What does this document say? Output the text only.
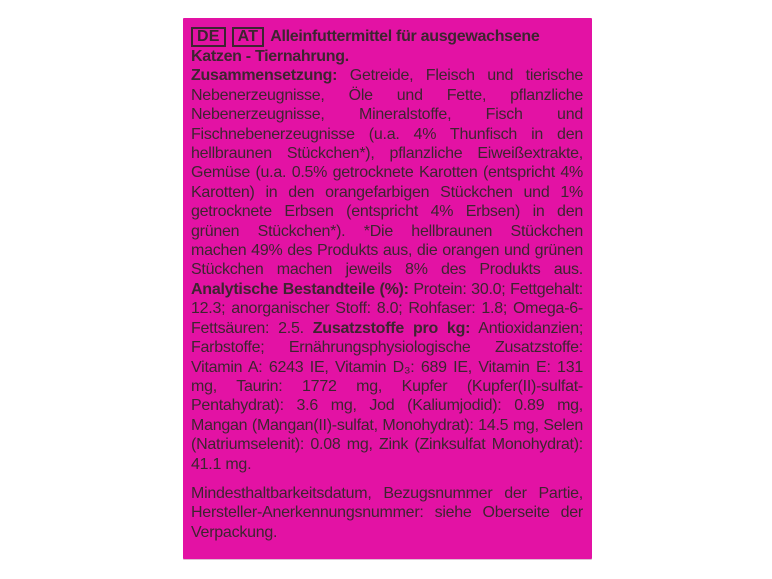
DE AT Alleinfuttermittel für ausgewachsene Katzen - Tiernahrung.

Zusammensetzung: Getreide, Fleisch und tierische Nebenerzeugnisse, Öle und Fette, pflanzliche Nebenerzeugnisse, Mineralstoffe, Fisch und Fischnebenerzeugnisse (u.a. 4% Thunfisch in den hellbraunen Stückchen*), pflanzliche Eiweißextrakte, Gemüse (u.a. 0.5% getrocknete Karotten (entspricht 4% Karotten) in den orangefarbigen Stückchen und 1% getrocknete Erbsen (entspricht 4% Erbsen) in den grünen Stückchen*). *Die hellbraunen Stückchen machen 49% des Produkts aus, die orangen und grünen Stückchen machen jeweils 8% des Produkts aus. Analytische Bestandteile (%): Protein: 30.0; Fettgehalt: 12.3; anorganischer Stoff: 8.0; Rohfaser: 1.8; Omega-6-Fettsäuren: 2.5. Zusatzstoffe pro kg: Antioxidanzien; Farbstoffe; Ernährungsphysiologische Zusatzstoffe: Vitamin A: 6243 IE, Vitamin D₃: 689 IE, Vitamin E: 131 mg, Taurin: 1772 mg, Kupfer (Kupfer(II)-sulfat-Pentahydrat): 3.6 mg, Jod (Kaliumjodid): 0.89 mg, Mangan (Mangan(II)-sulfat, Monohydrat): 14.5 mg, Selen (Natriumselenit): 0.08 mg, Zink (Zinksulfat Monohydrat): 41.1 mg.

Mindesthaltbarkeitsdatum, Bezugsnummer der Partie, Hersteller-Anerkennungsnummer: siehe Oberseite der Verpackung.
